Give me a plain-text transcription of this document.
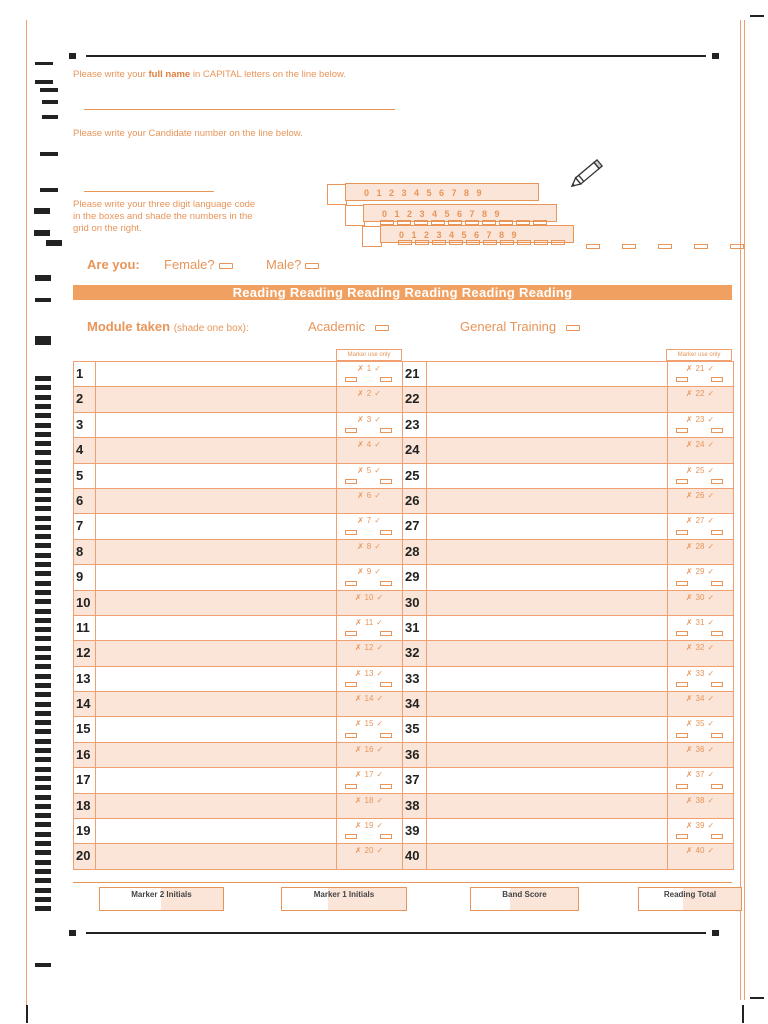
Please write your full name in CAPITAL letters on the line below.
Please write your Candidate number on the line below.
Please write your three digit language code
in the boxes and shade the numbers in the
grid on the right.
0 1 2 3 4 5 6 7 8 9
0 1 2 3 4 5 6 7 8 9
0 1 2 3 4 5 6 7 8 9
Are you: Female?	Male?
Reading Reading Reading Reading Reading Reading
Module taken (shade one box):	Academic	General Training
Marker use only	Marker use only
1	✗ 1 ✓	21	✗ 21 ✓
2	✗ 2 ✓	22	✗ 22 ✓
3	✗ 3 ✓	23	✗ 23 ✓
4	✗ 4 ✓	24	✗ 24 ✓
5	✗ 5 ✓	25	✗ 25 ✓
6	✗ 6 ✓	26	✗ 26 ✓
7	✗ 7 ✓	27	✗ 27 ✓
8	✗ 8 ✓	28	✗ 28 ✓
9	✗ 9 ✓	29	✗ 29 ✓
10	✗ 10 ✓	30	✗ 30 ✓
11	✗ 11 ✓	31	✗ 31 ✓
12	✗ 12 ✓	32	✗ 32 ✓
13	✗ 13 ✓	33	✗ 33 ✓
14	✗ 14 ✓	34	✗ 34 ✓
15	✗ 15 ✓	35	✗ 35 ✓
16	✗ 16 ✓	36	✗ 36 ✓
17	✗ 17 ✓	37	✗ 37 ✓
18	✗ 18 ✓	38	✗ 38 ✓
19	✗ 19 ✓	39	✗ 39 ✓
20	✗ 20 ✓	40	✗ 40 ✓
Marker 2 Initials	Marker 1 Initials	Band Score	Reading Total
